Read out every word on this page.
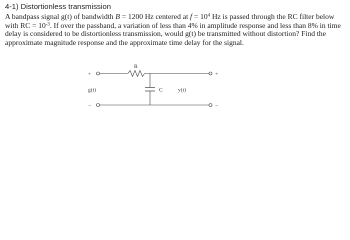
4-1) Distortionless transmission
A bandpass signal g(t) of bandwidth B = 1200 Hz centered at $f = 10^4$ Hz is passed through the RC filter below with RC = $10^{-3}$. If over the passband, a variation of less than 4% in amplitude response and less than 8% in time delay is considered to be distortionless transmission, would g(t) be transmitted without distortion? Find the approximate magnitude response and the approximate time delay for the signal.
+
−
g(t)
R
C
+
−
y(t)
